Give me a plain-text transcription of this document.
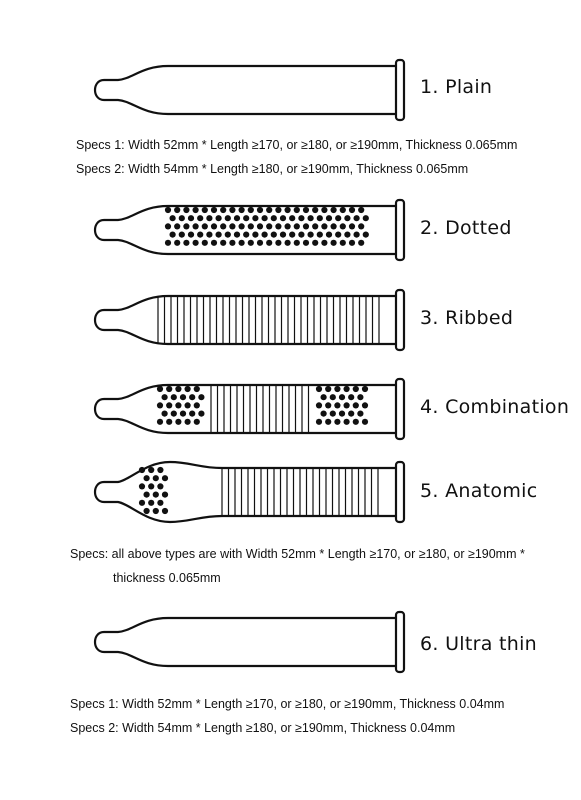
1. Plain
Specs 1: Width 52mm * Length ≥170, or ≥180, or ≥190mm, Thickness 0.065mm
Specs 2: Width 54mm * Length ≥180, or ≥190mm, Thickness 0.065mm
2. Dotted
3. Ribbed
4. Combination
5. Anatomic
Specs: all above types are with Width 52mm * Length ≥170, or ≥180, or ≥190mm *
thickness 0.065mm
6. Ultra thin
Specs 1: Width 52mm * Length ≥170, or ≥180, or ≥190mm, Thickness 0.04mm
Specs 2: Width 54mm * Length ≥180, or ≥190mm, Thickness 0.04mm
